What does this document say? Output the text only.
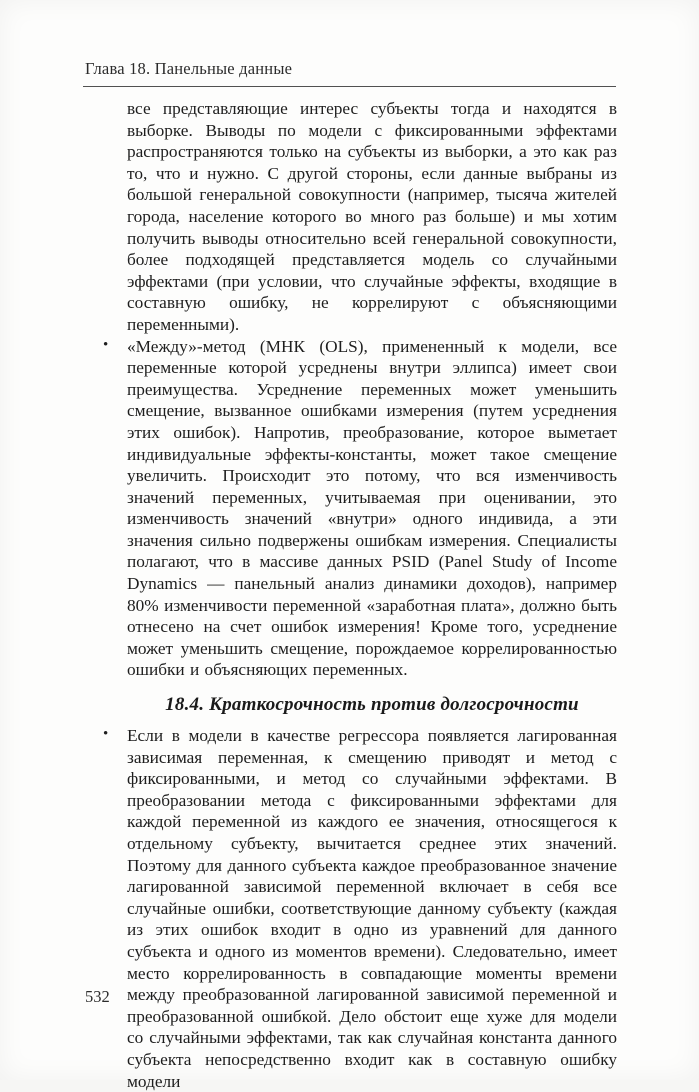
Глава 18. Панельные данные

все представляющие интерес субъекты тогда и находятся в выборке. Выводы по модели с фиксированными эффектами распространяются только на субъекты из выборки, а это как раз то, что и нужно. С другой стороны, если данные выбраны из большой генеральной совокупности (например, тысяча жителей города, население которого во много раз больше) и мы хотим получить выводы относительно всей генеральной совокупности, более подходящей представляется модель со случайными эффектами (при условии, что случайные эффекты, входящие в составную ошибку, не коррелируют с объясняющими переменными).

• «Между»-метод (МНК (OLS), примененный к модели, все переменные которой усреднены внутри эллипса) имеет свои преимущества. Усреднение переменных может уменьшить смещение, вызванное ошибками измерения (путем усреднения этих ошибок). Напротив, преобразование, которое выметает индивидуальные эффекты-константы, может такое смещение увеличить. Происходит это потому, что вся изменчивость значений переменных, учитываемая при оценивании, это изменчивость значений «внутри» одного индивида, а эти значения сильно подвержены ошибкам измерения. Специалисты полагают, что в массиве данных PSID (Panel Study of Income Dynamics — панельный анализ динамики доходов), например 80% изменчивости переменной «заработная плата», должно быть отнесено на счет ошибок измерения! Кроме того, усреднение может уменьшить смещение, порождаемое коррелированностью ошибки и объясняющих переменных.
18.4. Краткосрочность против долгосрочности
• Если в модели в качестве регрессора появляется лагированная зависимая переменная, к смещению приводят и метод с фиксированными, и метод со случайными эффектами. В преобразовании метода с фиксированными эффектами для каждой переменной из каждого ее значения, относящегося к отдельному субъекту, вычитается среднее этих значений. Поэтому для данного субъекта каждое преобразованное значение лагированной зависимой переменной включает в себя все случайные ошибки, соответствующие данному субъекту (каждая из этих ошибок входит в одно из уравнений для данного субъекта и одного из моментов времени). Следовательно, имеет место коррелированность в совпадающие моменты времени между преобразованной лагированной зависимой переменной и преобразованной ошибкой. Дело обстоит еще хуже для модели со случайными эффектами, так как случайная константа данного субъекта непосредственно входит как в составную ошибку модели
532
